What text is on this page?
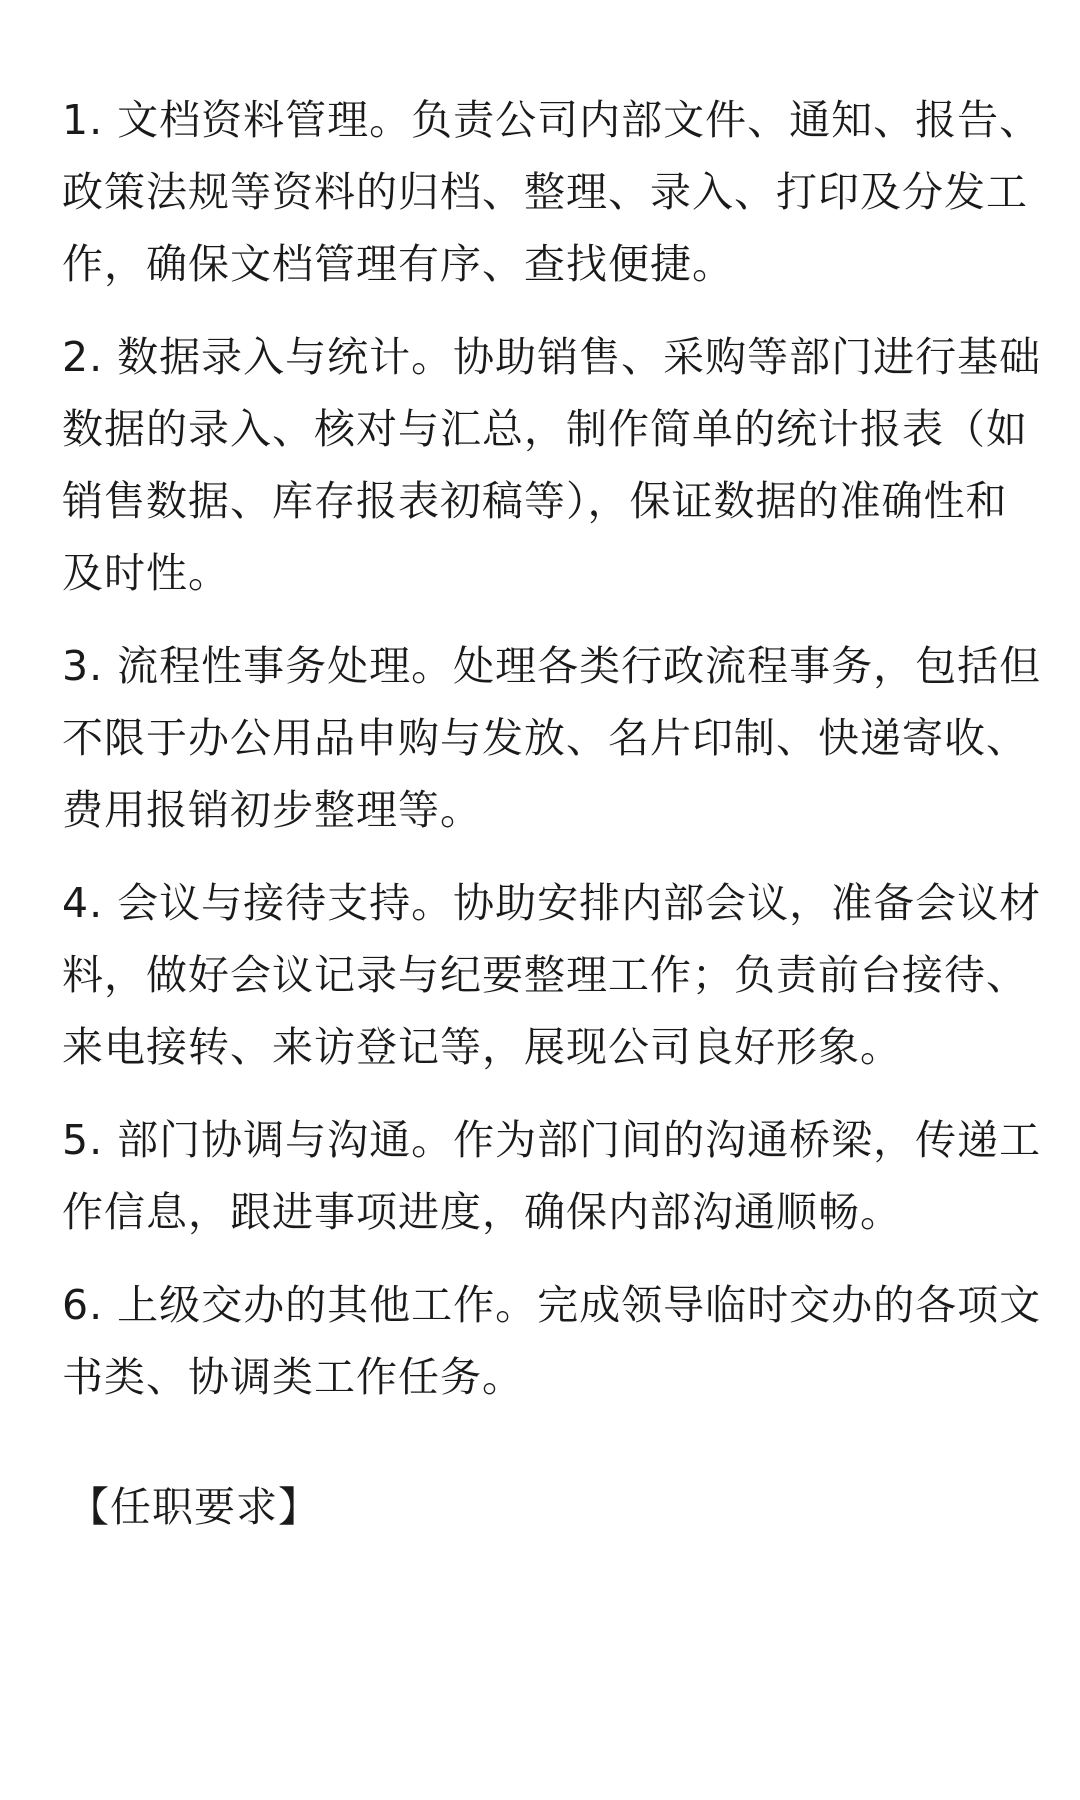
1. 文档资料管理。负责公司内部文件、通知、报告、政策法规等资料的归档、整理、录入、打印及分发工作，确保文档管理有序、查找便捷。

2. 数据录入与统计。协助销售、采购等部门进行基础数据的录入、核对与汇总，制作简单的统计报表（如销售数据、库存报表初稿等），保证数据的准确性和及时性。

3. 流程性事务处理。处理各类行政流程事务，包括但不限于办公用品申购与发放、名片印制、快递寄收、费用报销初步整理等。

4. 会议与接待支持。协助安排内部会议，准备会议材料，做好会议记录与纪要整理工作；负责前台接待、来电接转、来访登记等，展现公司良好形象。

5. 部门协调与沟通。作为部门间的沟通桥梁，传递工作信息，跟进事项进度，确保内部沟通顺畅。

6. 上级交办的其他工作。完成领导临时交办的各项文书类、协调类工作任务。

【任职要求】
